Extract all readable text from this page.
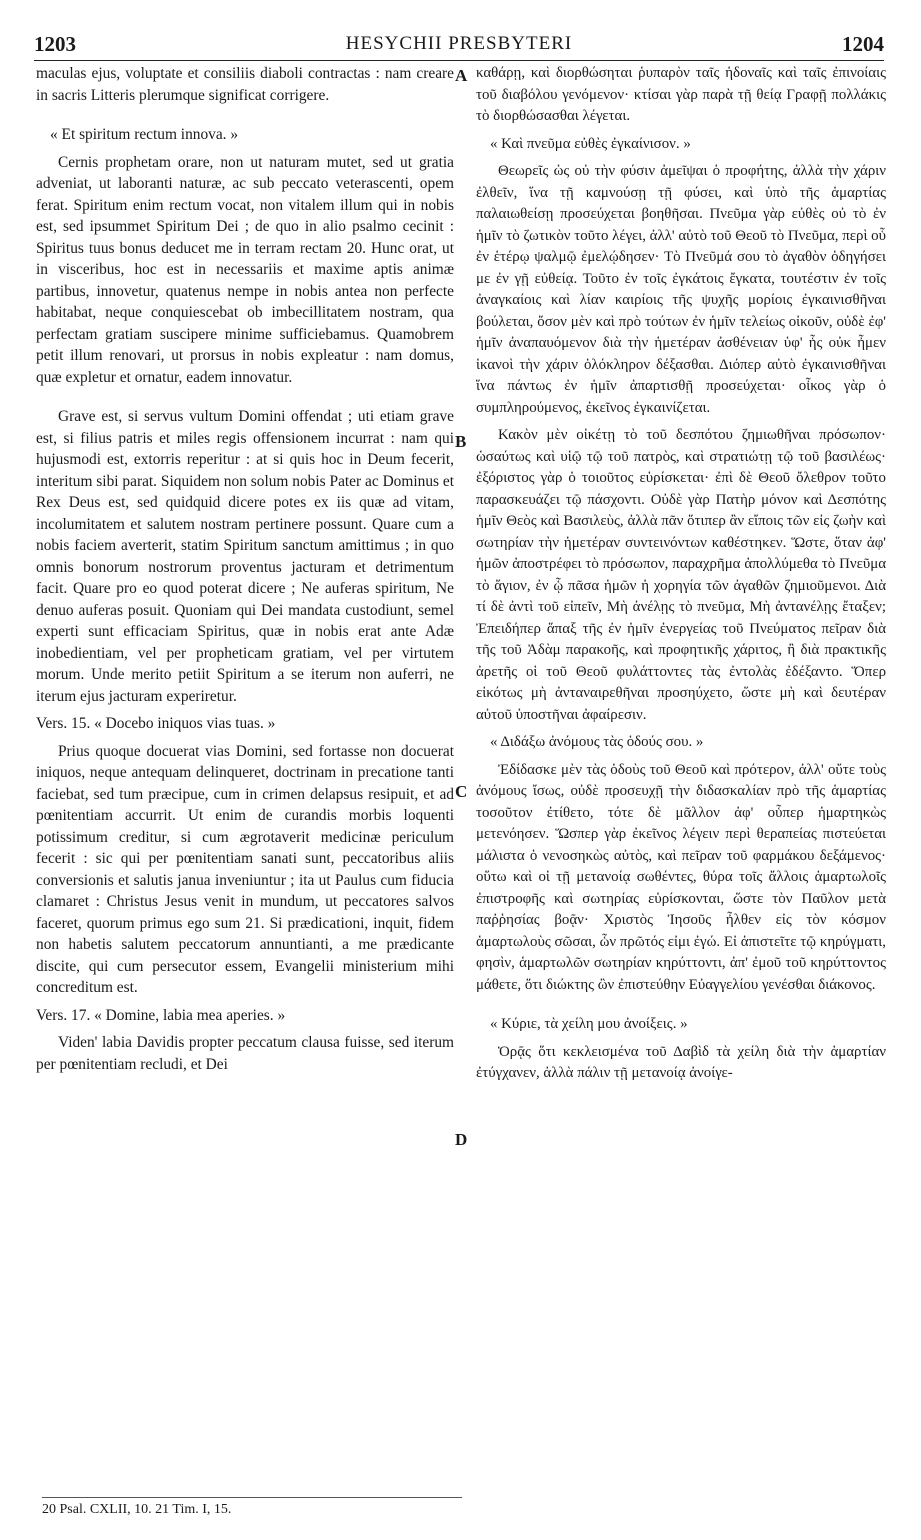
1203	HESYCHII PRESBYTERI	1204

maculas ejus, voluptate et consiliis diaboli contractas : nam creare in sacris Litteris plerumque significat corrigere.

« Et spiritum rectum innova. »

Cernis prophetam orare, non ut naturam mutet, sed ut gratia adveniat, ut laboranti naturæ, ac sub peccato veterascenti, opem ferat. Spiritum enim rectum vocat, non vitalem illum qui in nobis est, sed ipsummet Spiritum Dei ; de quo in alio psalmo cecinit : Spiritus tuus bonus deducet me in terram rectam 20. Hunc orat, ut in visceribus, hoc est in necessariis et maxime aptis animæ partibus, innovetur, quatenus nempe in nobis antea non perfecte habitabat, neque conquiescebat ob imbecillitatem nostram, qua perfectam gratiam suscipere minime sufficiebamus. Quamobrem petit illum renovari, ut prorsus in nobis expleatur : nam domus, quæ expletur et ornatur, eadem innovatur.

Grave est, si servus vultum Domini offendat ; uti etiam grave est, si filius patris et miles regis offensionem incurrat : nam qui hujusmodi est, extorris reperitur : at si quis hoc in Deum fecerit, interitum sibi parat. Siquidem non solum nobis Pater ac Dominus et Rex Deus est, sed quidquid dicere potes ex iis quæ ad vitam, incolumitatem et salutem nostram pertinere possunt. Quare cum a nobis faciem averterit, statim Spiritum sanctum amittimus ; in quo omnis bonorum nostrorum proventus jacturam et detrimentum facit. Quare pro eo quod poterat dicere ; Ne auferas spiritum, Ne denuo auferas posuit. Quoniam qui Dei mandata custodiunt, semel experti sunt efficaciam Spiritus, quæ in nobis erat ante Adæ inobedientiam, vel per propheticam gratiam, vel per virtutem morum. Unde merito petiit Spiritum a se iterum non auferri, ne iterum ejus jacturam experiretur.

Vers. 15. « Docebo iniquos vias tuas. »

Prius quoque docuerat vias Domini, sed fortasse non docuerat iniquos, neque antequam delinqueret, doctrinam in precatione tanti faciebat, sed tum præcipue, cum in crimen delapsus resipuit, et ad pœnitentiam accurrit. Ut enim de curandis morbis loquenti potissimum creditur, si cum ægrotaverit medicinæ periculum fecerit : sic qui per pœnitentiam sanati sunt, peccatoribus aliis conversionis et salutis janua inveniuntur ; ita ut Paulus cum fiducia clamaret : Christus Jesus venit in mundum, ut peccatores salvos faceret, quorum primus ego sum 21. Si prædicationi, inquit, fidem non habetis salutem peccatorum annuntianti, a me prædicante discite, qui cum persecutor essem, Evangelii ministerium mihi concreditum est.

Vers. 17. « Domine, labia mea aperies. »

Viden' labia Davidis propter peccatum clausa fuisse, sed iterum per pœnitentiam recludi, et Dei

A
B
C
D

καθάρῃ, καὶ διορθώσηται ῥυπαρὸν ταῖς ἡδοναῖς καὶ ταῖς ἐπινοίαις τοῦ διαβόλου γενόμενον· κτίσαι γὰρ παρὰ τῇ θείᾳ Γραφῇ πολλάκις τὸ διορθώσασθαι λέγεται.

« Καὶ πνεῦμα εὐθὲς ἐγκαίνισον. »

Θεωρεῖς ὡς οὐ τὴν φύσιν ἀμεῖψαι ὁ προφήτης, ἀλλὰ τὴν χάριν ἐλθεῖν, ἵνα τῇ καμνούσῃ τῇ φύσει, καὶ ὑπὸ τῆς ἁμαρτίας παλαιωθείσῃ προσεύχεται βοηθῆσαι. Πνεῦμα γὰρ εὐθὲς οὐ τὸ ἐν ἡμῖν τὸ ζωτικὸν τοῦτο λέγει, ἀλλ' αὐτὸ τοῦ Θεοῦ τὸ Πνεῦμα, περὶ οὗ ἐν ἑτέρῳ ψαλμῷ ἐμελῴδησεν· Τὸ Πνεῦμά σου τὸ ἀγαθὸν ὁδηγήσει με ἐν γῇ εὐθείᾳ. Τοῦτο ἐν τοῖς ἐγκάτοις ἔγκατα, τουτέστιν ἐν τοῖς ἀναγκαίοις καὶ λίαν καιρίοις τῆς ψυχῆς μορίοις ἐγκαινισθῆναι βούλεται, ὅσον μὲν καὶ πρὸ τούτων ἐν ἡμῖν τελείως οἰκοῦν, οὐδὲ ἐφ' ἡμῖν ἀναπαυόμενον διὰ τὴν ἡμετέραν ἀσθένειαν ὑφ' ἧς οὐκ ἦμεν ἱκανοὶ τὴν χάριν ὁλόκληρον δέξασθαι. Διόπερ αὐτὸ ἐγκαινισθῆναι ἵνα πάντως ἐν ἡμῖν ἀπαρτισθῇ προσεύχεται· οἶκος γὰρ ὁ συμπληρούμενος, ἐκεῖνος ἐγκαινίζεται.

Κακὸν μὲν οἰκέτῃ τὸ τοῦ δεσπότου ζημιωθῆναι πρόσωπον· ὡσαύτως καὶ υἱῷ τῷ τοῦ πατρὸς, καὶ στρατιώτῃ τῷ τοῦ βασιλέως· ἐξόριστος γὰρ ὁ τοιοῦτος εὑρίσκεται· ἐπὶ δὲ Θεοῦ ὄλεθρον τοῦτο παρασκευάζει τῷ πάσχοντι. Οὐδὲ γὰρ Πατὴρ μόνον καὶ Δεσπότης ἡμῖν Θεὸς καὶ Βασιλεὺς, ἀλλὰ πᾶν ὅτιπερ ἂν εἴποις τῶν εἰς ζωὴν καὶ σωτηρίαν τὴν ἡμετέραν συντεινόντων καθέστηκεν. Ὥστε, ὅταν ἀφ' ἡμῶν ἀποστρέφει τὸ πρόσωπον, παραχρῆμα ἀπολλύμεθα τὸ Πνεῦμα τὸ ἅγιον, ἐν ᾧ πᾶσα ἡμῶν ἡ χορηγία τῶν ἀγαθῶν ζημιοῦμενοι. Διὰ τί δὲ ἀντὶ τοῦ εἰπεῖν, Μὴ ἀνέλῃς τὸ πνεῦμα, Μὴ ἀντανέλῃς ἔταξεν; Ἐπειδήπερ ἅπαξ τῆς ἐν ἡμῖν ἐνεργείας τοῦ Πνεύματος πεῖραν διὰ τῆς τοῦ Ἀδὰμ παρακοῆς, καὶ προφητικῆς χάριτος, ἢ διὰ πρακτικῆς ἀρετῆς οἱ τοῦ Θεοῦ φυλάττοντες τὰς ἐντολὰς ἐδέξαντο. Ὅπερ εἰκότως μὴ ἀνταναιρεθῆναι προσηύχετο, ὥστε μὴ καὶ δευτέραν αὐτοῦ ὑποστῆναι ἀφαίρεσιν.

« Διδάξω ἀνόμους τὰς ὁδούς σου. »

Ἐδίδασκε μὲν τὰς ὁδοὺς τοῦ Θεοῦ καὶ πρότερον, ἀλλ' οὔτε τοὺς ἀνόμους ἴσως, οὐδὲ προσευχῇ τὴν διδασκαλίαν πρὸ τῆς ἁμαρτίας τοσοῦτον ἐτίθετο, τότε δὲ μᾶλλον ἀφ' οὗπερ ἡμαρτηκὼς μετενόησεν. Ὥσπερ γὰρ ἐκεῖνος λέγειν περὶ θεραπείας πιστεύεται μάλιστα ὁ νενοσηκὼς αὐτὸς, καὶ πεῖραν τοῦ φαρμάκου δεξάμενος· οὕτω καὶ οἱ τῇ μετανοίᾳ σωθέντες, θύρα τοῖς ἄλλοις ἁμαρτωλοῖς ἐπιστροφῆς καὶ σωτηρίας εὑρίσκονται, ὥστε τὸν Παῦλον μετὰ παῤῥησίας βοᾷν· Χριστὸς Ἰησοῦς ἦλθεν εἰς τὸν κόσμον ἁμαρτωλοὺς σῶσαι, ὧν πρῶτός εἰμι ἐγώ. Εἰ ἀπιστεῖτε τῷ κηρύγματι, φησὶν, ἁμαρτωλῶν σωτηρίαν κηρύττοντι, ἀπ' ἐμοῦ τοῦ κηρύττοντος μάθετε, ὅτι διώκτης ὢν ἐπιστεύθην Εὐαγγελίου γενέσθαι διάκονος.

« Κύριε, τὰ χείλη μου ἀνοίξεις. »

Ὁρᾷς ὅτι κεκλεισμένα τοῦ Δαβὶδ τὰ χείλη διὰ τὴν ἁμαρτίαν ἐτύγχανεν, ἀλλὰ πάλιν τῇ μετανοίᾳ ἀνοίγε-

20 Psal. CXLII, 10. 21 Tim. I, 15.
